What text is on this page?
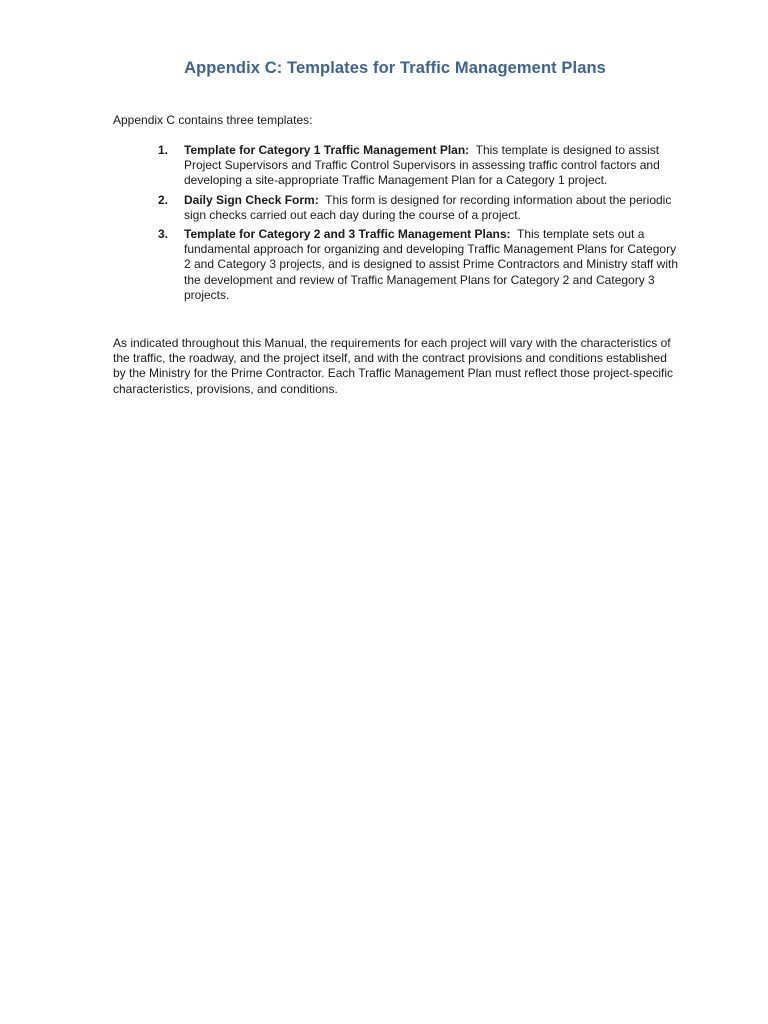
Appendix C: Templates for Traffic Management Plans
Appendix C contains three templates:
1. Template for Category 1 Traffic Management Plan: This template is designed to assist Project Supervisors and Traffic Control Supervisors in assessing traffic control factors and developing a site-appropriate Traffic Management Plan for a Category 1 project.
2. Daily Sign Check Form: This form is designed for recording information about the periodic sign checks carried out each day during the course of a project.
3. Template for Category 2 and 3 Traffic Management Plans: This template sets out a fundamental approach for organizing and developing Traffic Management Plans for Category 2 and Category 3 projects, and is designed to assist Prime Contractors and Ministry staff with the development and review of Traffic Management Plans for Category 2 and Category 3 projects.

As indicated throughout this Manual, the requirements for each project will vary with the characteristics of the traffic, the roadway, and the project itself, and with the contract provisions and conditions established by the Ministry for the Prime Contractor. Each Traffic Management Plan must reflect those project-specific characteristics, provisions, and conditions.
